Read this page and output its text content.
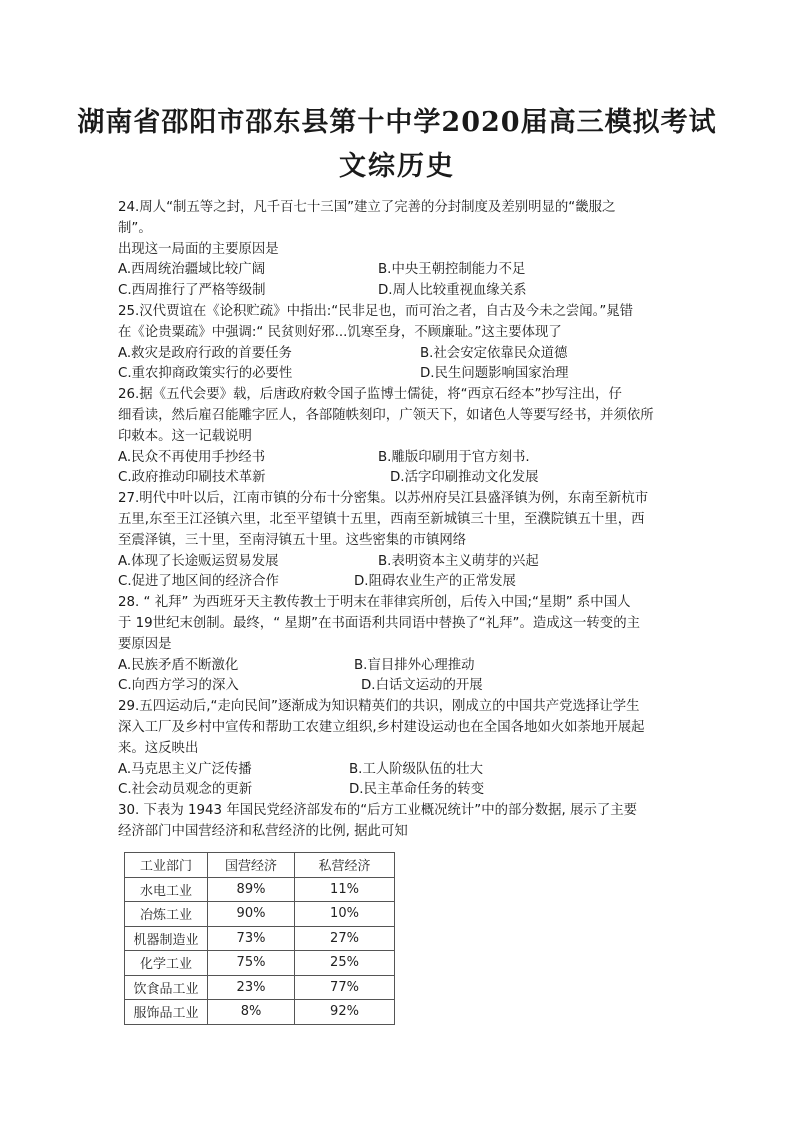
湖南省邵阳市邵东县第十中学2020届高三模拟考试
文综历史

24.周人“制五等之封，凡千百七十三国”建立了完善的分封制度及差别明显的“畿服之

制”。

出现这一局面的主要原因是

A.西周统治疆域比较广阔	B.中央王朝控制能力不足
C.西周推行了严格等级制	D.周人比较重视血缘关系

25.汉代贾谊在《论积贮疏》中指出:“民非足也，而可治之者，自古及今未之尝闻。”晁错

在《论贵粟疏》中强调:“ 民贫则好邪...饥寒至身，不顾廉耻。”这主要体现了

A.救灾是政府行政的首要任务	B.社会安定依靠民众道德
C.重农抑商政策实行的必要性	D.民生问题影响国家治理

26.据《五代会要》载，后唐政府敕令国子监博士儒徒，将“西京石经本”抄写注出，仔

细看读，然后雇召能雕字匠人，各部随帙刻印，广领天下，如诸色人等要写经书，并须依所

印敕本。这一记载说明

A.民众不再使用手抄经书	B.雕版印刷用于官方刻书.
C.政府推动印刷技术革新	D.活字印刷推动文化发展

27.明代中叶以后，江南市镇的分布十分密集。以苏州府吴江县盛泽镇为例，东南至新杭市

五里,东至王江泾镇六里，北至平望镇十五里，西南至新城镇三十里，至濮院镇五十里，西

至震泽镇，三十里，至南浔镇五十里。这些密集的市镇网络

A.体现了长途贩运贸易发展	B.表明资本主义萌芽的兴起
C.促进了地区间的经济合作	D.阻碍农业生产的正常发展

28. “ 礼拜” 为西班牙天主教传教士于明末在菲律宾所创，后传入中国;“星期” 系中国人

于 19世纪末创制。最终，“ 星期”在书面语利共同语中替换了“礼拜”。造成这一转变的主

要原因是

A.民族矛盾不断激化	B.盲目排外心理推动
C.向西方学习的深入	D.白话文运动的开展

29.五四运动后,“走向民间”逐渐成为知识精英们的共识，刚成立的中国共产党选择让学生

深入工厂及乡村中宣传和帮助工农建立组织,乡村建设运动也在全国各地如火如荼地开展起

来。这反映出

A.马克思主义广泛传播	B.工人阶级队伍的壮大
C.社会动员观念的更新	D.民主革命任务的转变

30. 下表为 1943 年国民党经济部发布的“后方工业概况统计”中的部分数据, 展示了主要

经济部门中国营经济和私营经济的比例, 据此可知

工业部门	国营经济	私营经济
水电工业	89%	11%
冶炼工业	90%	10%
机器制造业	73%	27%
化学工业	75%	25%
饮食品工业	23%	77%
服饰品工业	8%	92%
